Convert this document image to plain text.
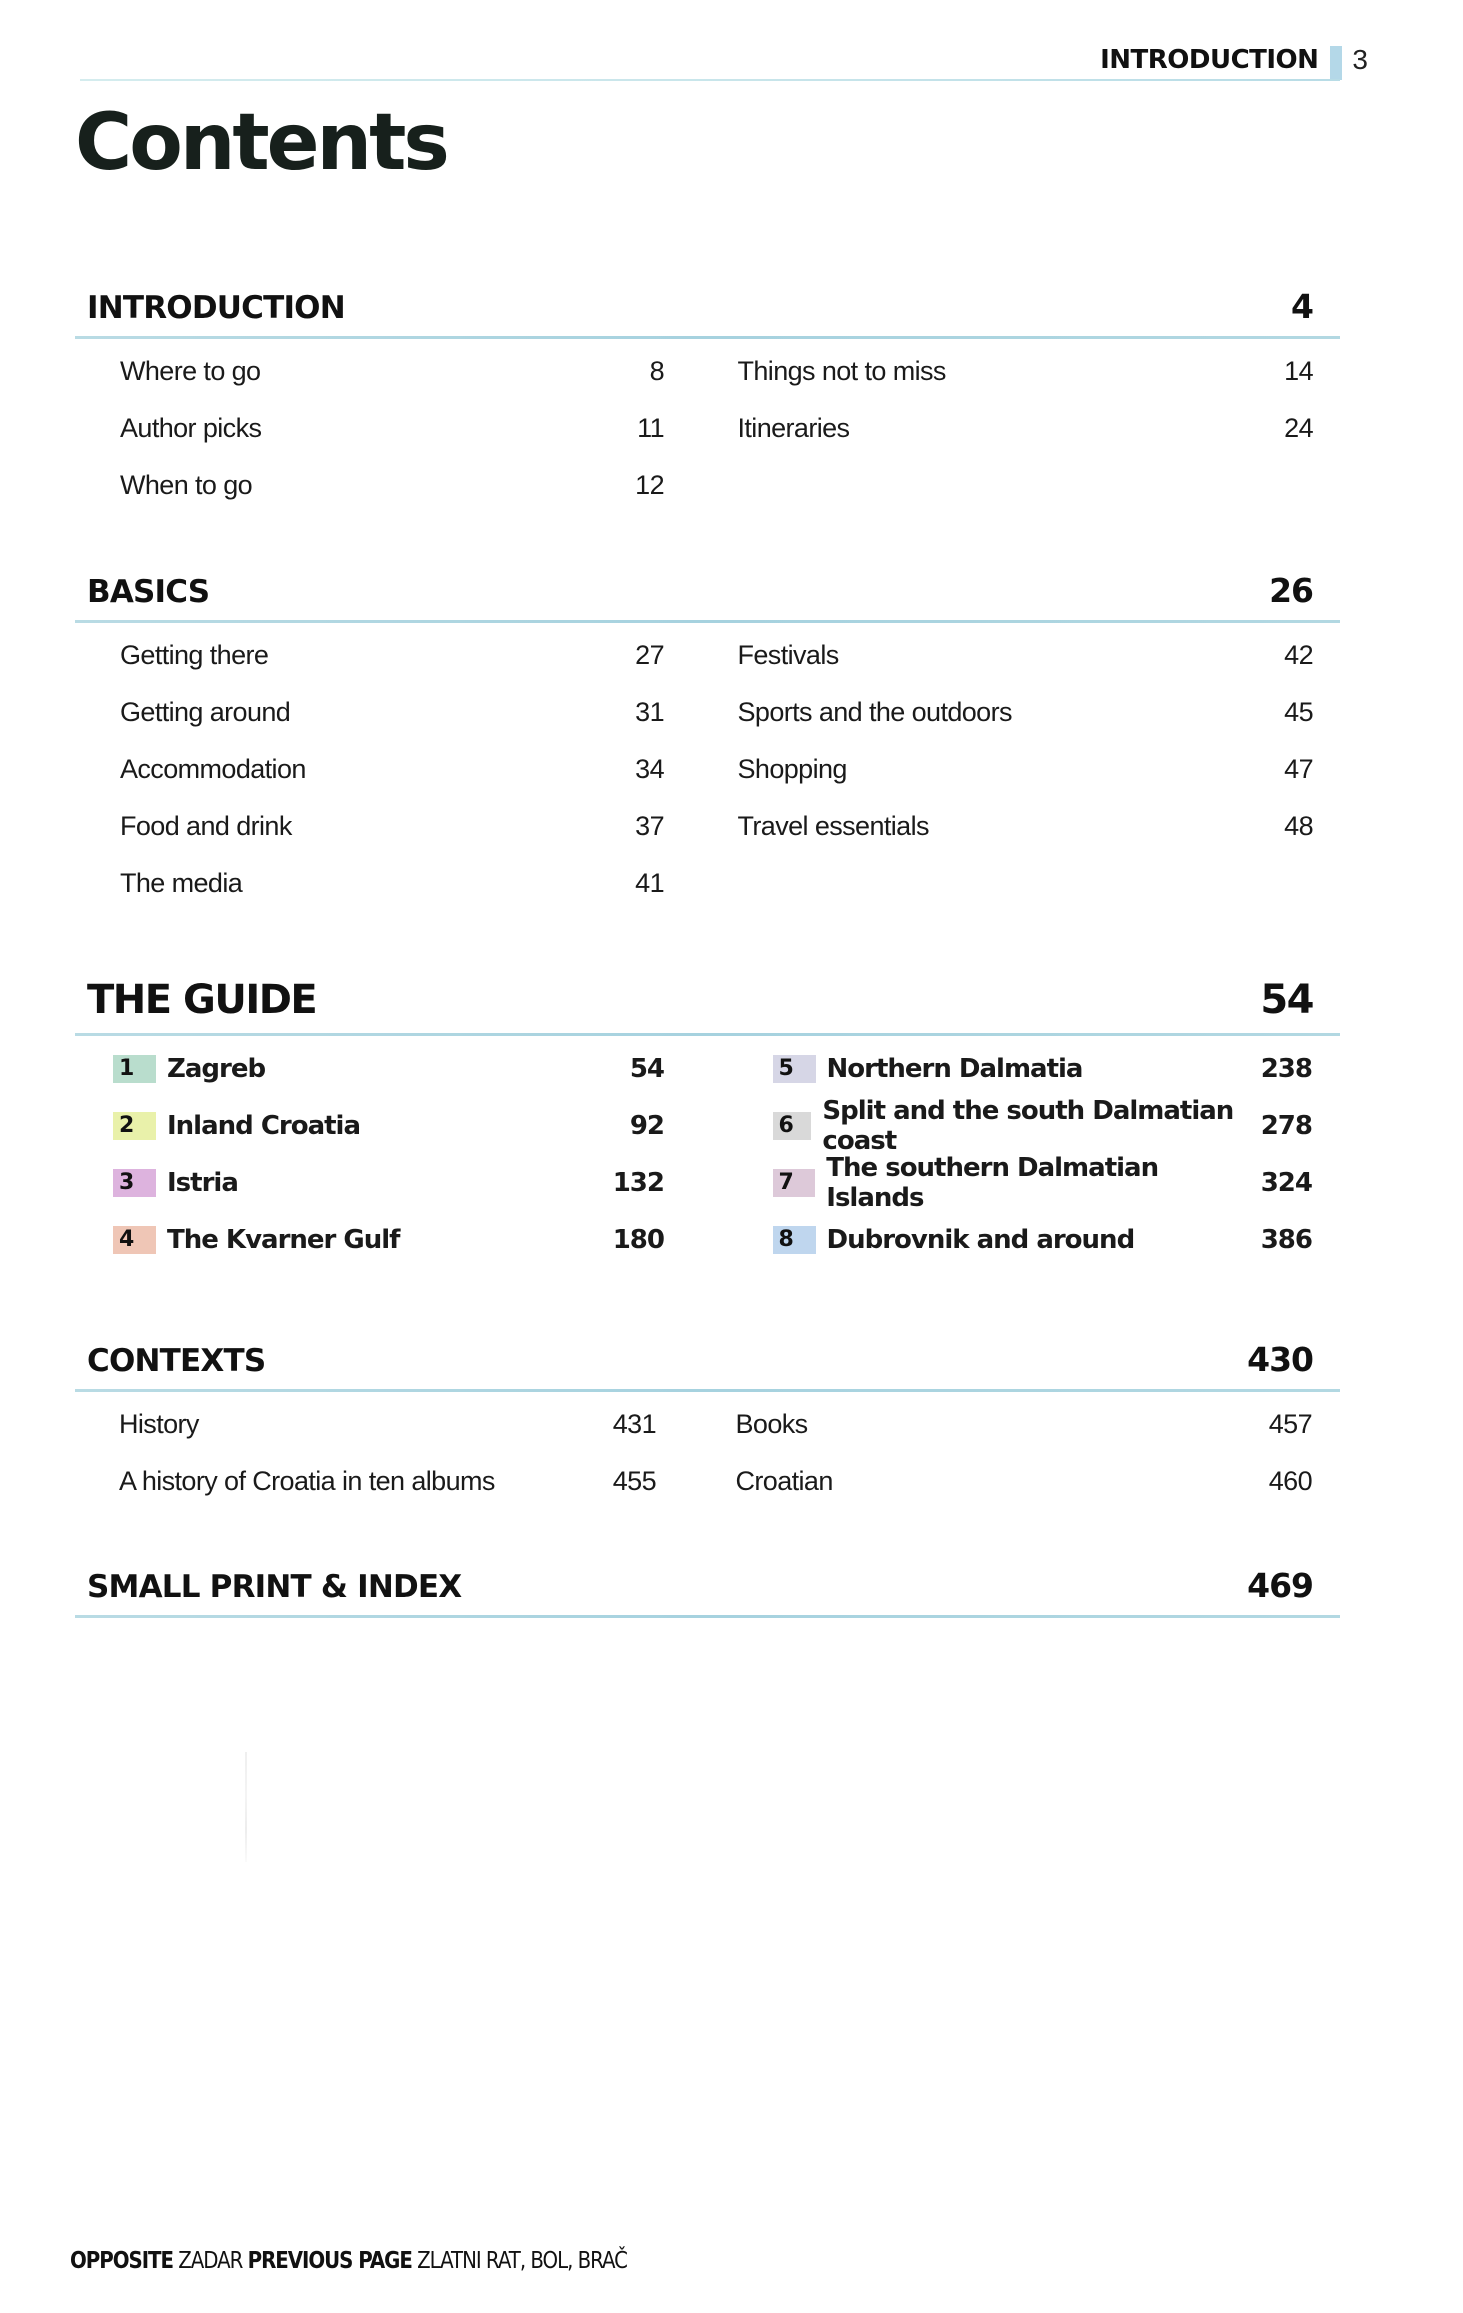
INTRODUCTION 3
Contents
INTRODUCTION	4
Where to go	8
Author picks	11
When to go	12
Things not to miss	14
Itineraries	24
BASICS	26
Getting there	27
Getting around	31
Accommodation	34
Food and drink	37
The media	41
Festivals	42
Sports and the outdoors	45
Shopping	47
Travel essentials	48
THE GUIDE	54
1	Zagreb	54
2	Inland Croatia	92
3	Istria	132
4	The Kvarner Gulf	180
5	Northern Dalmatia	238
6	Split and the south Dalmatian coast	278
7	The southern Dalmatian Islands	324
8	Dubrovnik and around	386
CONTEXTS	430
History	431
A history of Croatia in ten albums	455
Books	457
Croatian	460
SMALL PRINT & INDEX	469
OPPOSITE ZADAR PREVIOUS PAGE ZLATNI RAT, BOL, BRAČ
